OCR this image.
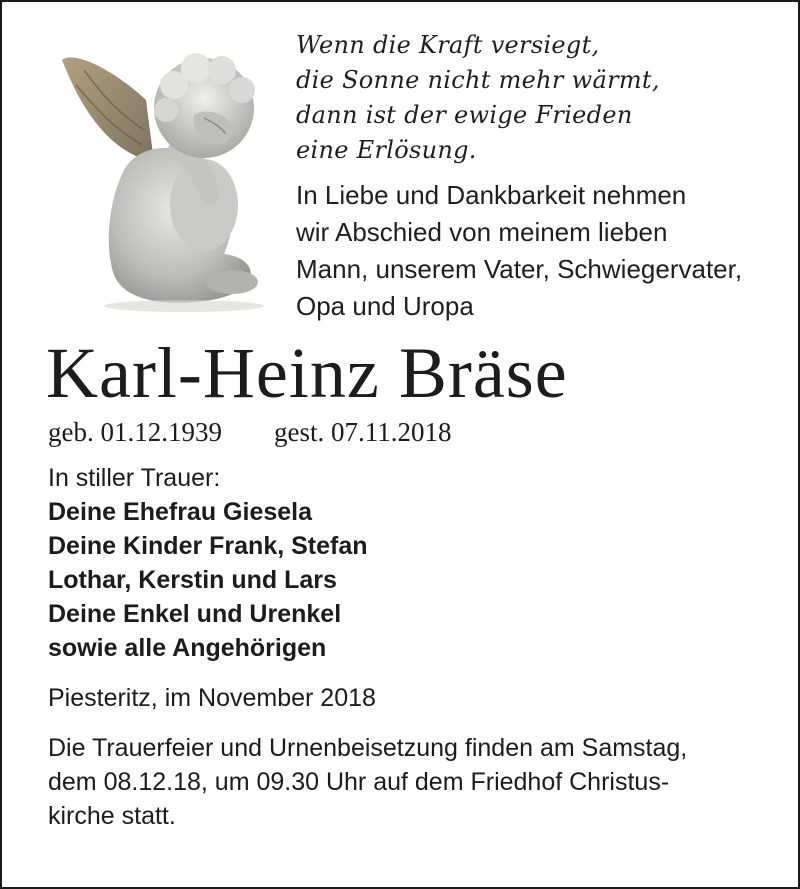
Wenn die Kraft versiegt,
die Sonne nicht mehr wärmt,
dann ist der ewige Frieden
eine Erlösung.
In Liebe und Dankbarkeit nehmen
wir Abschied von meinem lieben
Mann, unserem Vater, Schwiegervater,
Opa und Uropa
Karl-Heinz Bräse
geb. 01.12.1939 gest. 07.11.2018
In stiller Trauer:
Deine Ehefrau Giesela
Deine Kinder Frank, Stefan
Lothar, Kerstin und Lars
Deine Enkel und Urenkel
sowie alle Angehörigen
Piesteritz, im November 2018
Die Trauerfeier und Urnenbeisetzung finden am Samstag,
dem 08.12.18, um 09.30 Uhr auf dem Friedhof Christus-
kirche statt.
